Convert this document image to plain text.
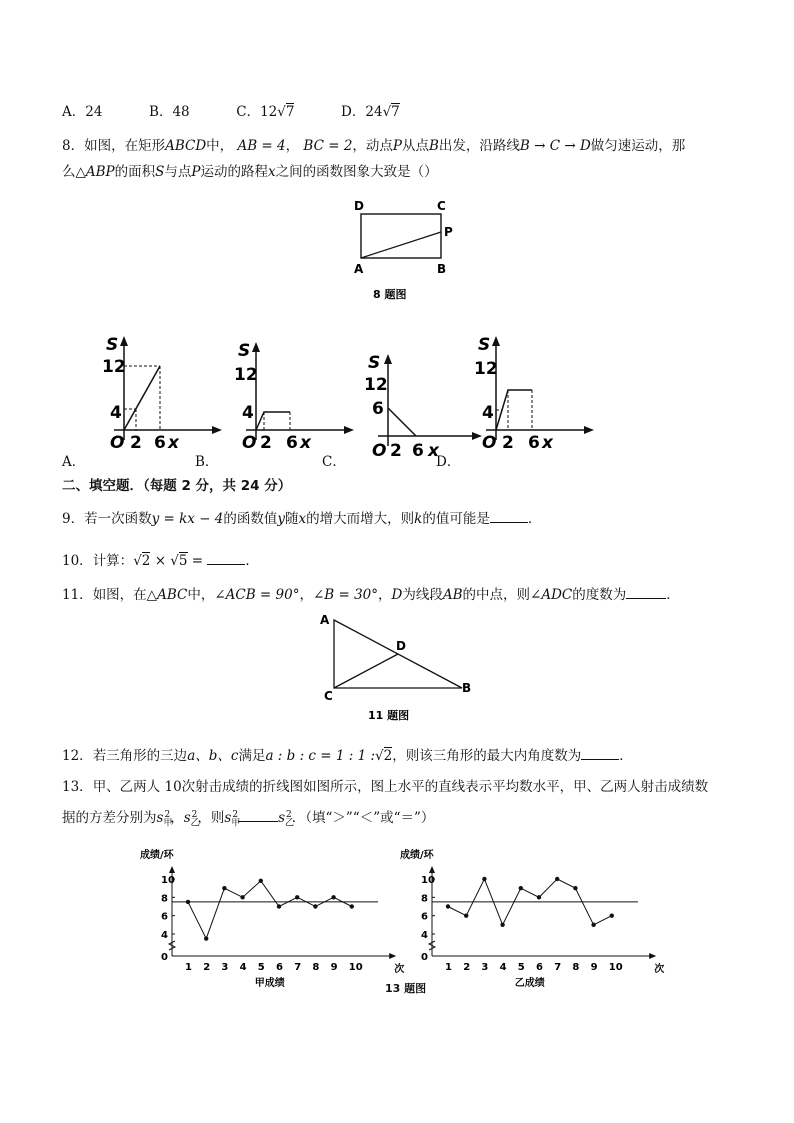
A．24	B．48	C．12√7	D．24√7
8．如图，在矩形ABCD中， AB = 4， BC = 2，动点P从点B出发，沿路线B → C → D做匀速运动，那
么△ABP的面积S与点P运动的路程x之间的函数图象大致是（）
D	C
P
A	B
8 题图
S
12
4
O 2 6 x
S
12
4
O 2 6 x
S
12
6
O 2 6 x
S
12
4
O 2 6 x
A．	B．	C．	D．
二、填空题．（每题 2 分，共 24 分）
9．若一次函数y = kx − 4的函数值y随x的增大而增大，则k的值可能是	．
10．计算：√2 × √5 =	．
11．如图，在△ABC中，∠ACB = 90°，∠B = 30°，D为线段AB的中点，则∠ADC的度数为	．
A
D
C
B
11 题图
12．若三角形的三边a、b、c满足a : b : c = 1 : 1 :√2，则该三角形的最大内角度数为	．
13．甲、乙两人 10次射击成绩的折线图如图所示，图上水平的直线表示平均数水平，甲、乙两人射击成绩数
据的方差分别为$s_甲^2$，$s_乙^2$，则$s_甲^2$	$s_乙^2$．（填“＞”“＜”或“＝”）
成绩/环
0
4
6
8
10
1 2 3 4 5 6 7 8 9 10	次
甲成绩
成绩/环
0
4
6
8
10
1 2 3 4 5 6 7 8 9 10	次
乙成绩
13 题图
